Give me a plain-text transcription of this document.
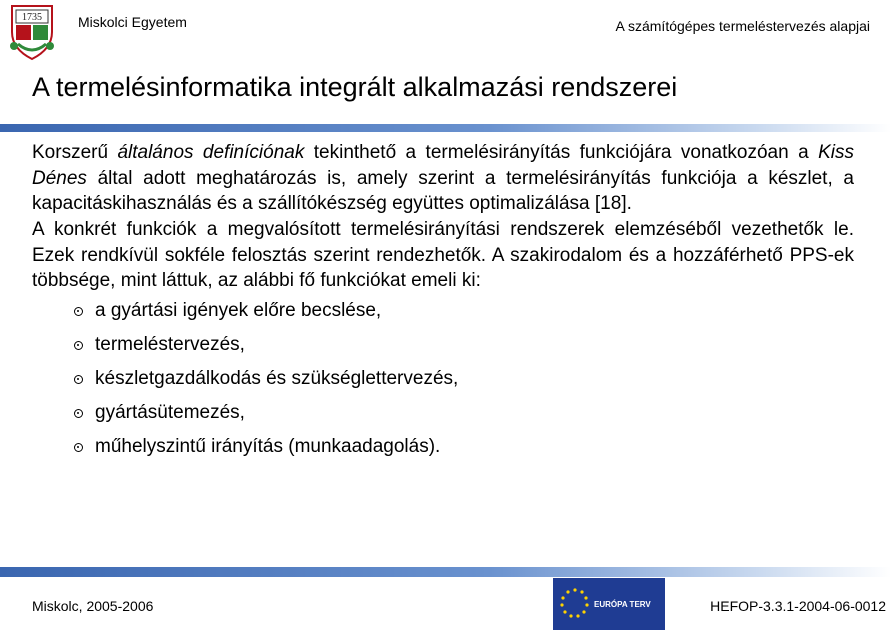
1735	Miskolci Egyetem	A számítógépes termeléstervezés alapjai
A termelésinformatika integrált alkalmazási rendszerei

Korszerű általános definíciónak tekinthető a termelésirányítás funkciójára vonatkozóan a Kiss Dénes által adott meghatározás is, amely szerint a termelésirányítás funkciója a készlet, a kapacitáskihasználás és a szállítókészség együttes optimalizálása [18].

A konkrét funkciók a megvalósított termelésirányítási rendszerek elemzéséből vezethetők le. Ezek rendkívül sokféle felosztás szerint rendezhetők. A szakirodalom és a hozzáférhető PPS-ek többsége, mint láttuk, az alábbi fő funkciókat emeli ki:

a gyártási igények előre becslése,
termeléstervezés,
készletgazdálkodás és szükséglettervezés,
gyártásütemezés,
műhelyszintű irányítás (munkaadagolás).
Miskolc, 2005-2006	EURÓPA TERV	HEFOP-3.3.1-2004-06-0012
